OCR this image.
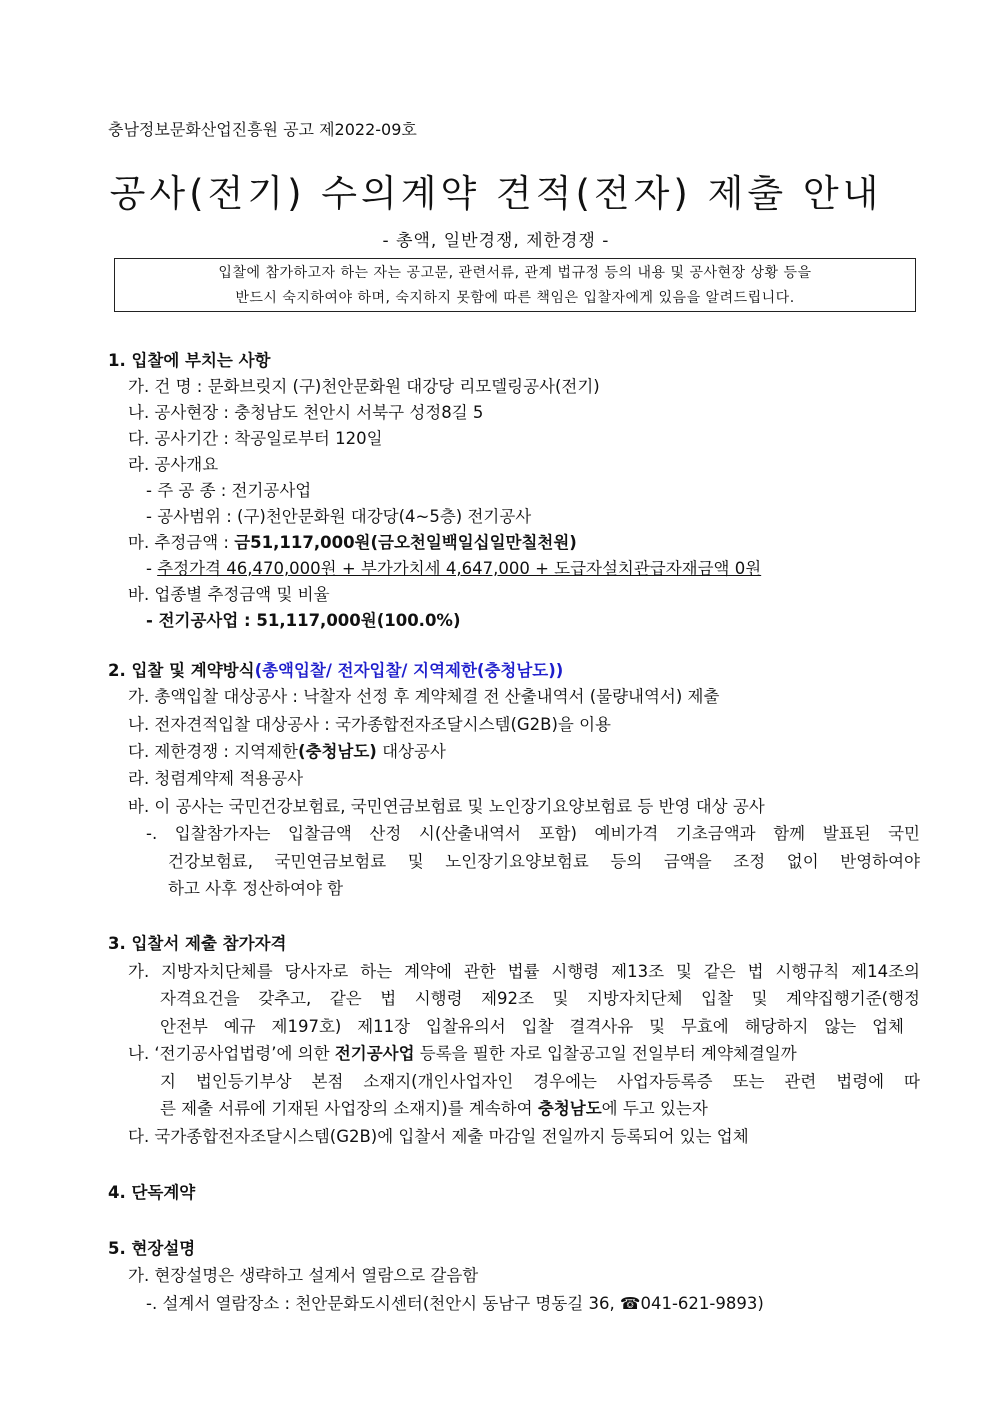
충남정보문화산업진흥원 공고 제2022-09호
공사(전기) 수의계약 견적(전자) 제출 안내
- 총액, 일반경쟁, 제한경쟁 -
입찰에 참가하고자 하는 자는 공고문, 관련서류, 관계 법규정 등의 내용 및 공사현장 상황 등을
반드시 숙지하여야 하며, 숙지하지 못함에 따른 책임은 입찰자에게 있음을 알려드립니다.
1. 입찰에 부치는 사항
가. 건 명 : 문화브릿지 (구)천안문화원 대강당 리모델링공사(전기)
나. 공사현장 : 충청남도 천안시 서북구 성정8길 5
다. 공사기간 : 착공일로부터 120일
라. 공사개요
- 주 공 종 : 전기공사업
- 공사범위 : (구)천안문화원 대강당(4~5층) 전기공사
마. 추정금액 : 금51,117,000원(금오천일백일십일만칠천원)
- 추정가격 46,470,000원 + 부가가치세 4,647,000 + 도급자설치관급자재금액 0원
바. 업종별 추정금액 및 비율
- 전기공사업 : 51,117,000원(100.0%)
2. 입찰 및 계약방식(총액입찰/ 전자입찰/ 지역제한(충청남도))
가. 총액입찰 대상공사 : 낙찰자 선정 후 계약체결 전 산출내역서 (물량내역서) 제출
나. 전자견적입찰 대상공사 : 국가종합전자조달시스템(G2B)을 이용
다. 제한경쟁 : 지역제한(충청남도) 대상공사
라. 청렴계약제 적용공사
바. 이 공사는 국민건강보험료, 국민연금보험료 및 노인장기요양보험료 등 반영 대상 공사
-. 입찰참가자는 입찰금액 산정 시(산출내역서 포함) 예비가격 기초금액과 함께 발표된 국민
건강보험료, 국민연금보험료 및 노인장기요양보험료 등의 금액을 조정 없이 반영하여야
하고 사후 정산하여야 함
3. 입찰서 제출 참가자격
가. 지방자치단체를 당사자로 하는 계약에 관한 법률 시행령 제13조 및 같은 법 시행규칙 제14조의
자격요건을 갖추고, 같은 법 시행령 제92조 및 지방자치단체 입찰 및 계약집행기준(행정
안전부 예규 제197호) 제11장 입찰유의서 입찰 결격사유 및 무효에 해당하지 않는 업체
나. ‘전기공사업법령’에 의한 전기공사업 등록을 필한 자로 입찰공고일 전일부터 계약체결일까
지 법인등기부상 본점 소재지(개인사업자인 경우에는 사업자등록증 또는 관련 법령에 따
른 제출 서류에 기재된 사업장의 소재지)를 계속하여 충청남도에 두고 있는자
다. 국가종합전자조달시스템(G2B)에 입찰서 제출 마감일 전일까지 등록되어 있는 업체
4. 단독계약
5. 현장설명
가. 현장설명은 생략하고 설계서 열람으로 갈음함
-. 설계서 열람장소 : 천안문화도시센터(천안시 동남구 명동길 36, ☎041-621-9893)
